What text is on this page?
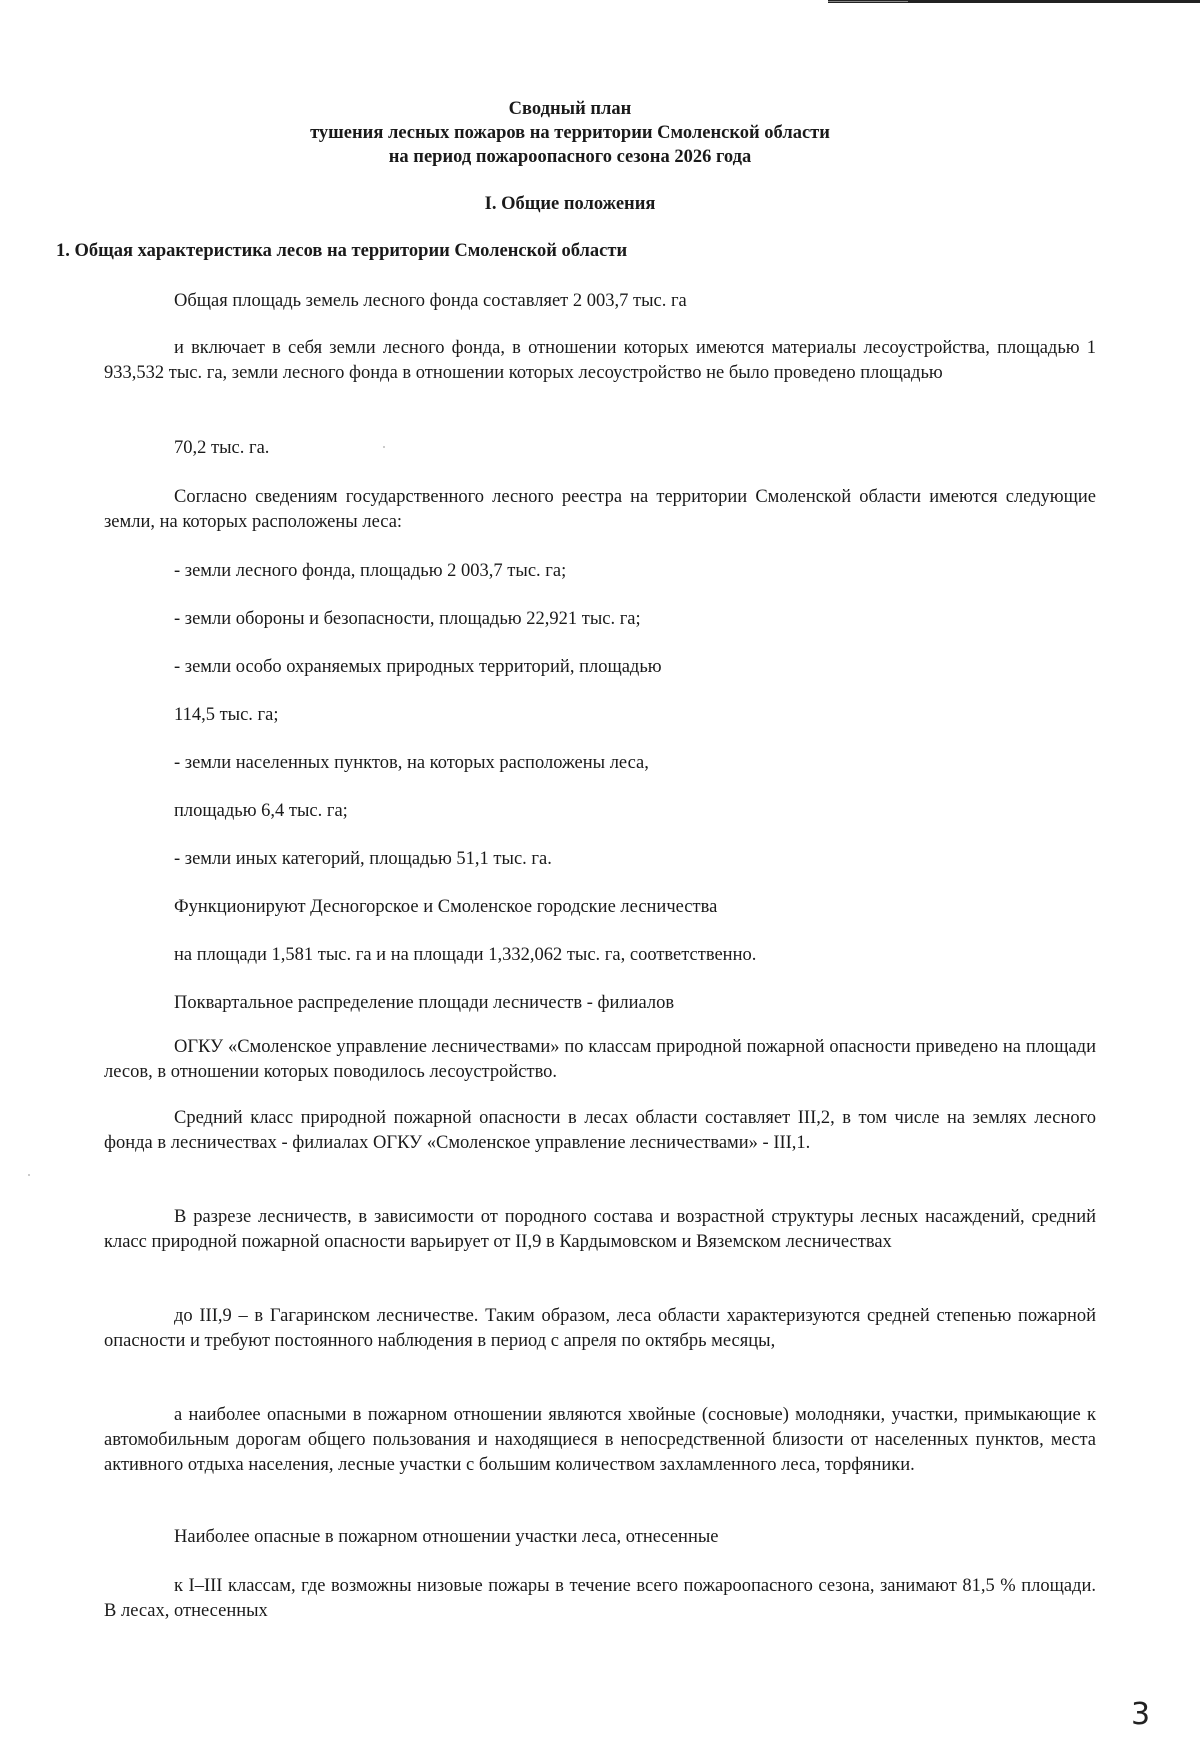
Сводный план
тушения лесных пожаров на территории Смоленской области
на период пожароопасного сезона 2026 года
I. Общие положения
1. Общая характеристика лесов на территории Смоленской области
Общая площадь земель лесного фонда составляет 2 003,7 тыс. га
и включает в себя земли лесного фонда, в отношении которых имеются материалы лесоустройства, площадью 1 933,532 тыс. га, земли лесного фонда в отношении которых лесоустройство не было проведено площадью
70,2 тыс. га.
Согласно сведениям государственного лесного реестра на территории Смоленской области имеются следующие земли, на которых расположены леса:
- земли лесного фонда, площадью 2 003,7 тыс. га;
- земли обороны и безопасности, площадью 22,921 тыс. га;
- земли особо охраняемых природных территорий, площадью
114,5 тыс. га;
- земли населенных пунктов, на которых расположены леса,
площадью 6,4 тыс. га;
- земли иных категорий, площадью 51,1 тыс. га.
Функционируют Десногорское и Смоленское городские лесничества
на площади 1,581 тыс. га и на площади 1,332,062 тыс. га, соответственно.
Поквартальное распределение площади лесничеств - филиалов
ОГКУ «Смоленское управление лесничествами» по классам природной пожарной опасности приведено на площади лесов, в отношении которых поводилось лесоустройство.
Средний класс природной пожарной опасности в лесах области составляет III,2, в том числе на землях лесного фонда в лесничествах - филиалах ОГКУ «Смоленское управление лесничествами» - III,1.
В разрезе лесничеств, в зависимости от породного состава и возрастной структуры лесных насаждений, средний класс природной пожарной опасности варьирует от II,9 в Кардымовском и Вяземском лесничествах
до III,9 – в Гагаринском лесничестве. Таким образом, леса области характеризуются средней степенью пожарной опасности и требуют постоянного наблюдения в период с апреля по октябрь месяцы,
а наиболее опасными в пожарном отношении являются хвойные (сосновые) молодняки, участки, примыкающие к автомобильным дорогам общего пользования и находящиеся в непосредственной близости от населенных пунктов, места активного отдыха населения, лесные участки с большим количеством захламленного леса, торфяники.
Наиболее опасные в пожарном отношении участки леса, отнесенные
к I–III классам, где возможны низовые пожары в течение всего пожароопасного сезона, занимают 81,5 % площади. В лесах, отнесенных
3
